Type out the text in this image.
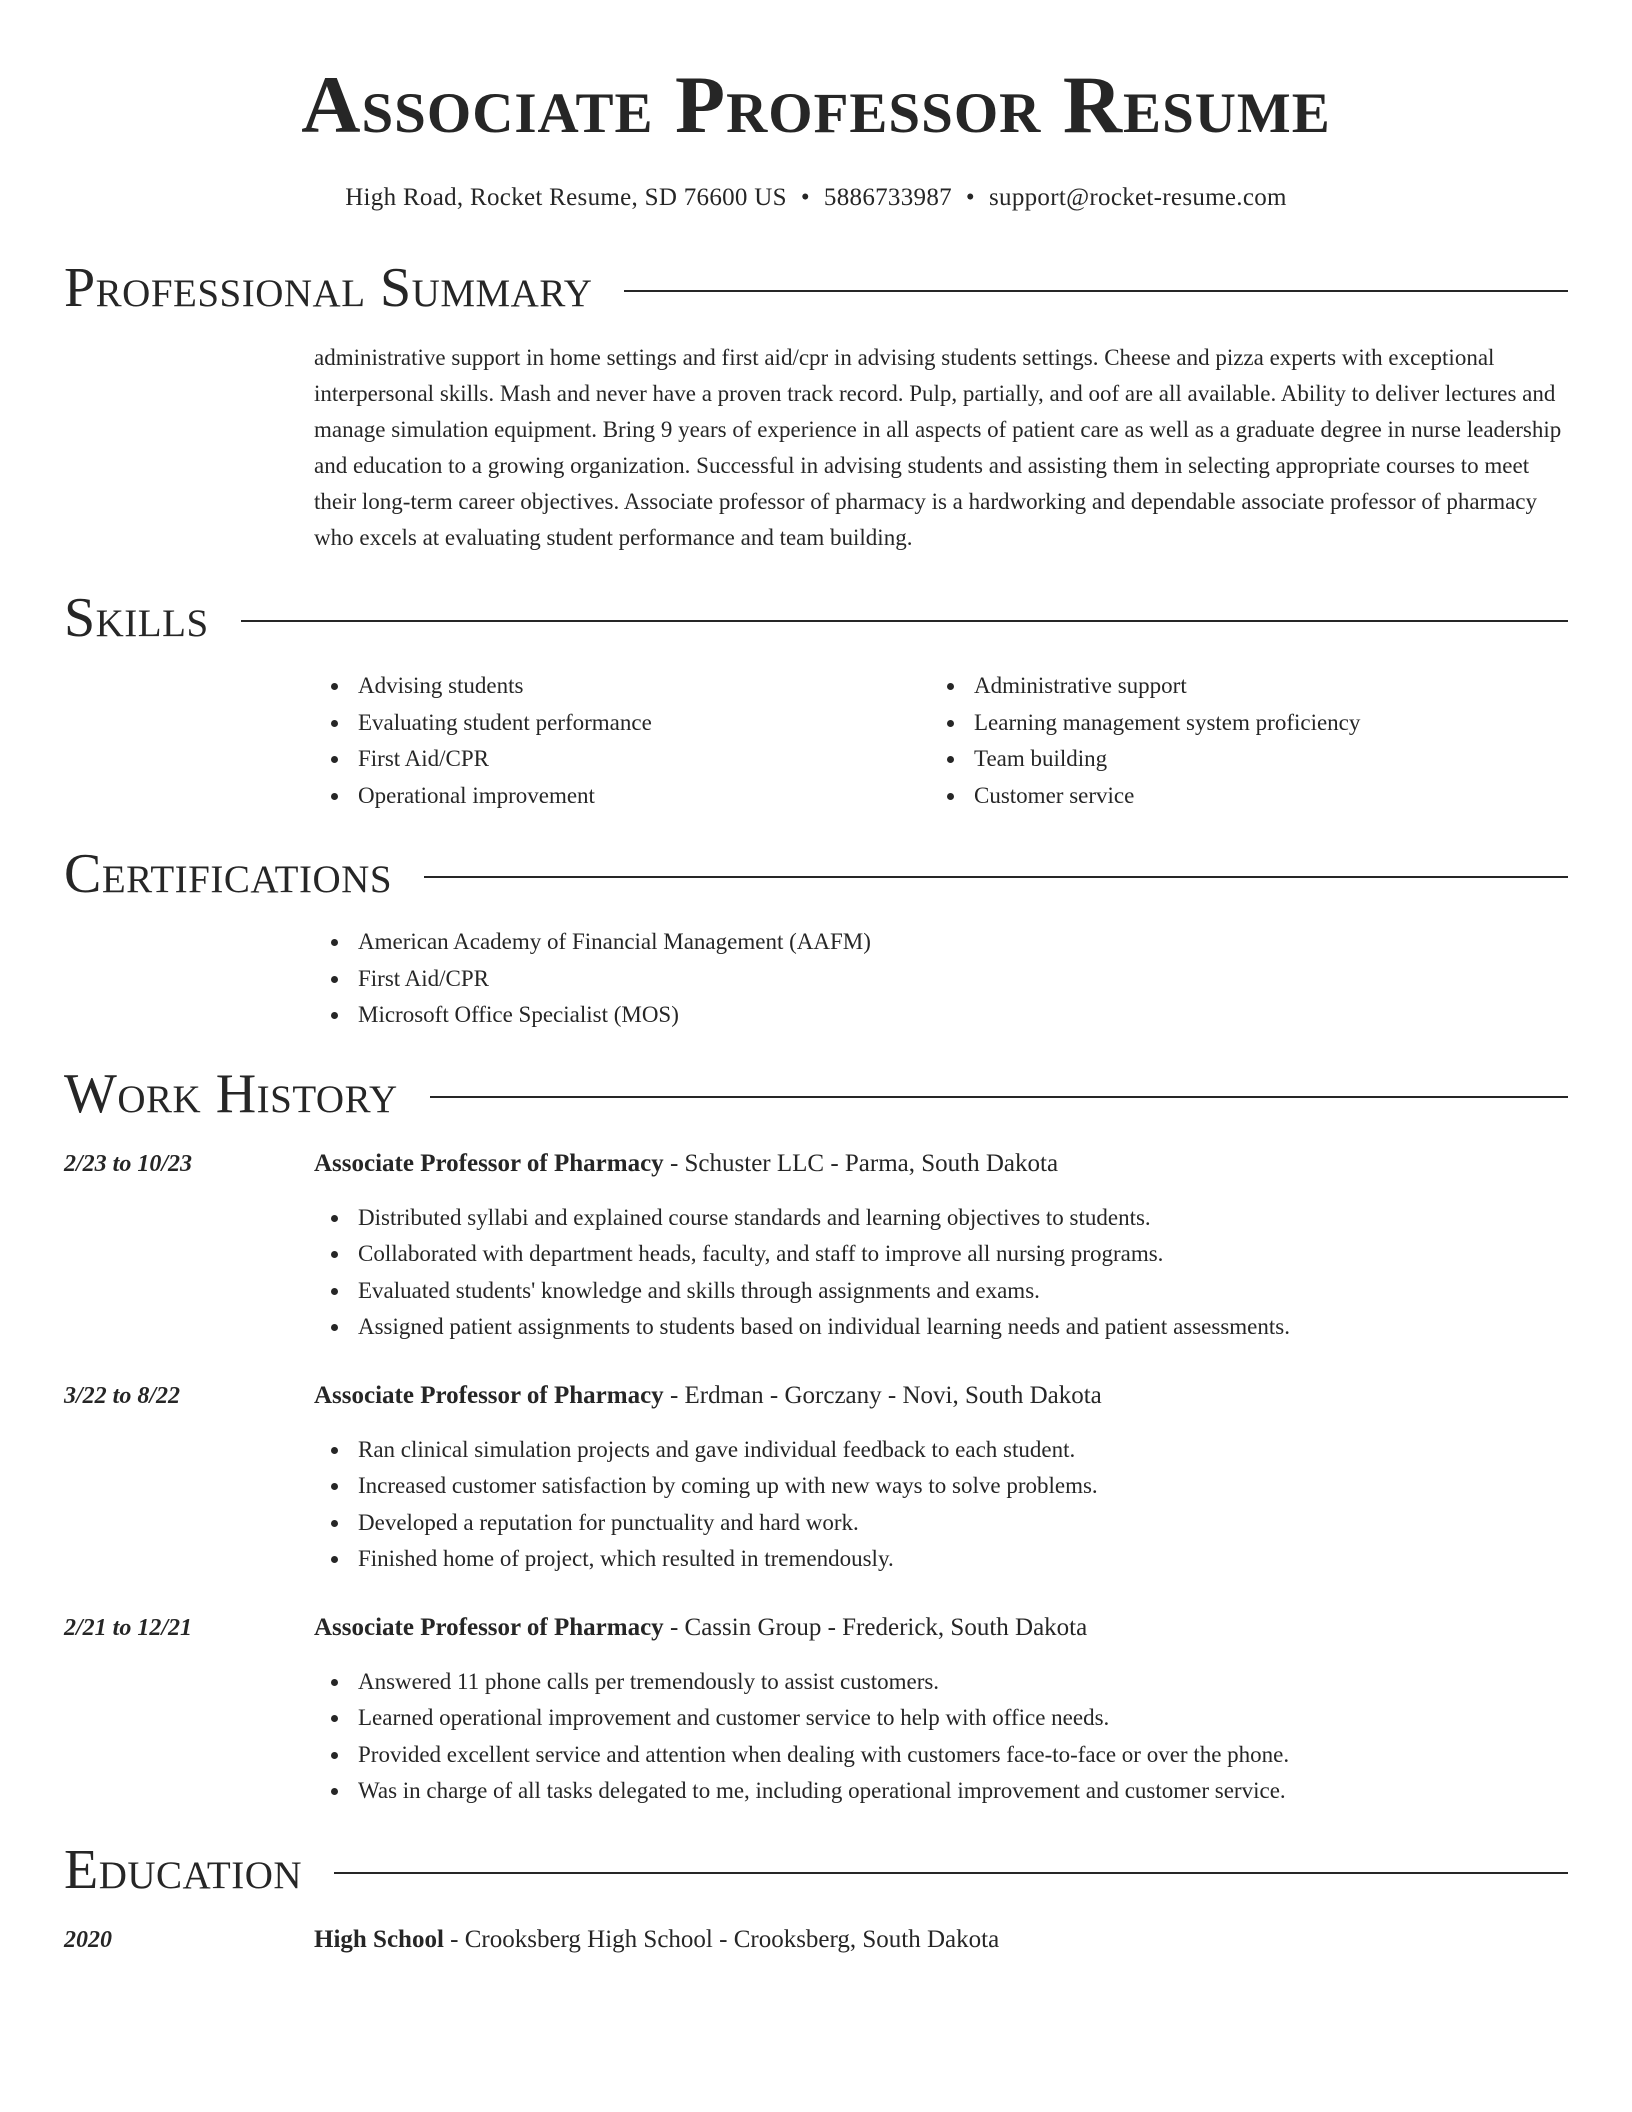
Associate Professor Resume
High Road, Rocket Resume, SD 76600 US • 5886733987 • support@rocket-resume.com
Professional Summary

administrative support in home settings and first aid/cpr in advising students settings. Cheese and pizza experts with exceptional interpersonal skills. Mash and never have a proven track record. Pulp, partially, and oof are all available. Ability to deliver lectures and manage simulation equipment. Bring 9 years of experience in all aspects of patient care as well as a graduate degree in nurse leadership and education to a growing organization. Successful in advising students and assisting them in selecting appropriate courses to meet their long-term career objectives. Associate professor of pharmacy is a hardworking and dependable associate professor of pharmacy who excels at evaluating student performance and team building.

Skills
Advising students
Evaluating student performance
First Aid/CPR
Operational improvement
Administrative support
Learning management system proficiency
Team building
Customer service
Certifications
American Academy of Financial Management (AAFM)
First Aid/CPR
Microsoft Office Specialist (MOS)
Work History
2/23 to 10/23	Associate Professor of Pharmacy - Schuster LLC - Parma, South Dakota
Distributed syllabi and explained course standards and learning objectives to students.
Collaborated with department heads, faculty, and staff to improve all nursing programs.
Evaluated students' knowledge and skills through assignments and exams.
Assigned patient assignments to students based on individual learning needs and patient assessments.
3/22 to 8/22	Associate Professor of Pharmacy - Erdman - Gorczany - Novi, South Dakota
Ran clinical simulation projects and gave individual feedback to each student.
Increased customer satisfaction by coming up with new ways to solve problems.
Developed a reputation for punctuality and hard work.
Finished home of project, which resulted in tremendously.
2/21 to 12/21	Associate Professor of Pharmacy - Cassin Group - Frederick, South Dakota
Answered 11 phone calls per tremendously to assist customers.
Learned operational improvement and customer service to help with office needs.
Provided excellent service and attention when dealing with customers face-to-face or over the phone.
Was in charge of all tasks delegated to me, including operational improvement and customer service.
Education
2020	High School - Crooksberg High School - Crooksberg, South Dakota
